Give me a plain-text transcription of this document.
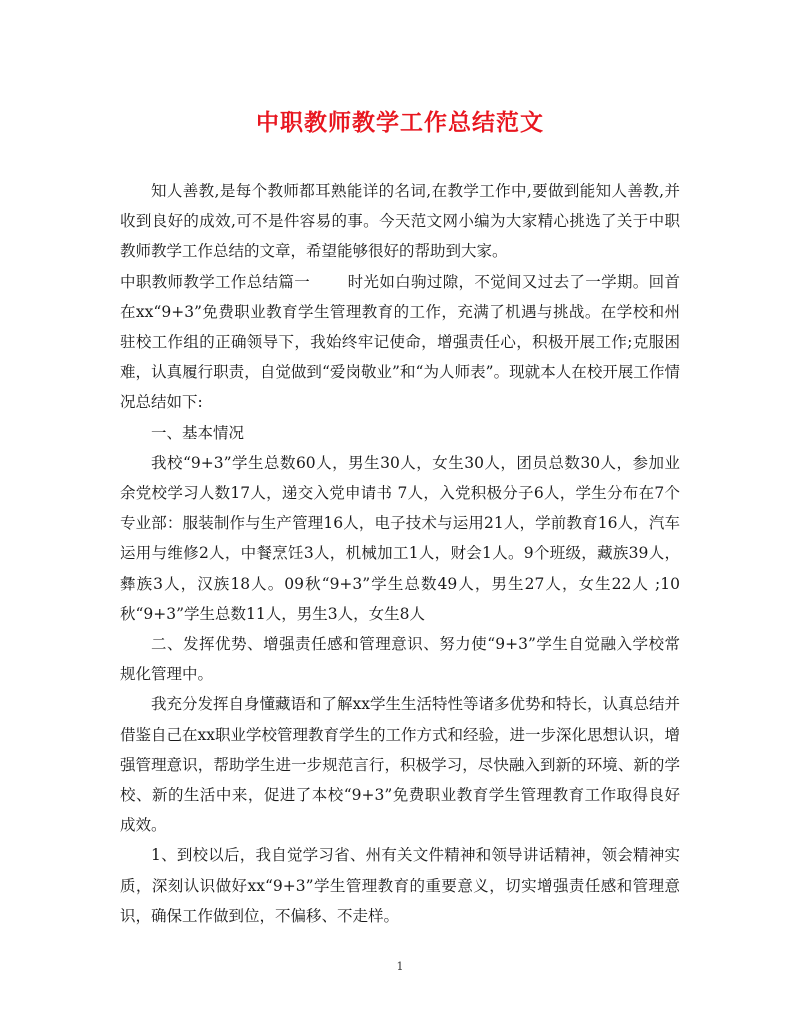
中职教师教学工作总结范文

知人善教,是每个教师都耳熟能详的名词,在教学工作中,要做到能知人善教,并收到良好的成效,可不是件容易的事。今天范文网小编为大家精心挑选了关于中职教师教学工作总结的文章，希望能够很好的帮助到大家。

中职教师教学工作总结篇一 时光如白驹过隙，不觉间又过去了一学期。回首在xx“9+3”免费职业教育学生管理教育的工作，充满了机遇与挑战。在学校和州驻校工作组的正确领导下，我始终牢记使命，增强责任心，积极开展工作;克服困难，认真履行职责，自觉做到“爱岗敬业”和“为人师表”。现就本人在校开展工作情况总结如下:

一、基本情况

我校“9+3”学生总数60人，男生30人，女生30人，团员总数30人，参加业余党校学习人数17人，递交入党申请书 7人，入党积极分子6人，学生分布在7个专业部：服装制作与生产管理16人，电子技术与运用21人，学前教育16人，汽车运用与维修2人，中餐烹饪3人，机械加工1人，财会1人。9个班级，藏族39人，彝族3人，汉族18人。09秋“9+3”学生总数49人，男生27人，女生22人 ;10秋“9+3”学生总数11人，男生3人，女生8人

二、发挥优势、增强责任感和管理意识、努力使“9+3”学生自觉融入学校常规化管理中。

我充分发挥自身懂藏语和了解xx学生生活特性等诸多优势和特长，认真总结并借鉴自己在xx职业学校管理教育学生的工作方式和经验，进一步深化思想认识，增强管理意识，帮助学生进一步规范言行，积极学习，尽快融入到新的环境、新的学校、新的生活中来，促进了本校“9+3”免费职业教育学生管理教育工作取得良好成效。

1、到校以后，我自觉学习省、州有关文件精神和领导讲话精神，领会精神实质，深刻认识做好xx“9+3”学生管理教育的重要意义，切实增强责任感和管理意识，确保工作做到位，不偏移、不走样。

1
